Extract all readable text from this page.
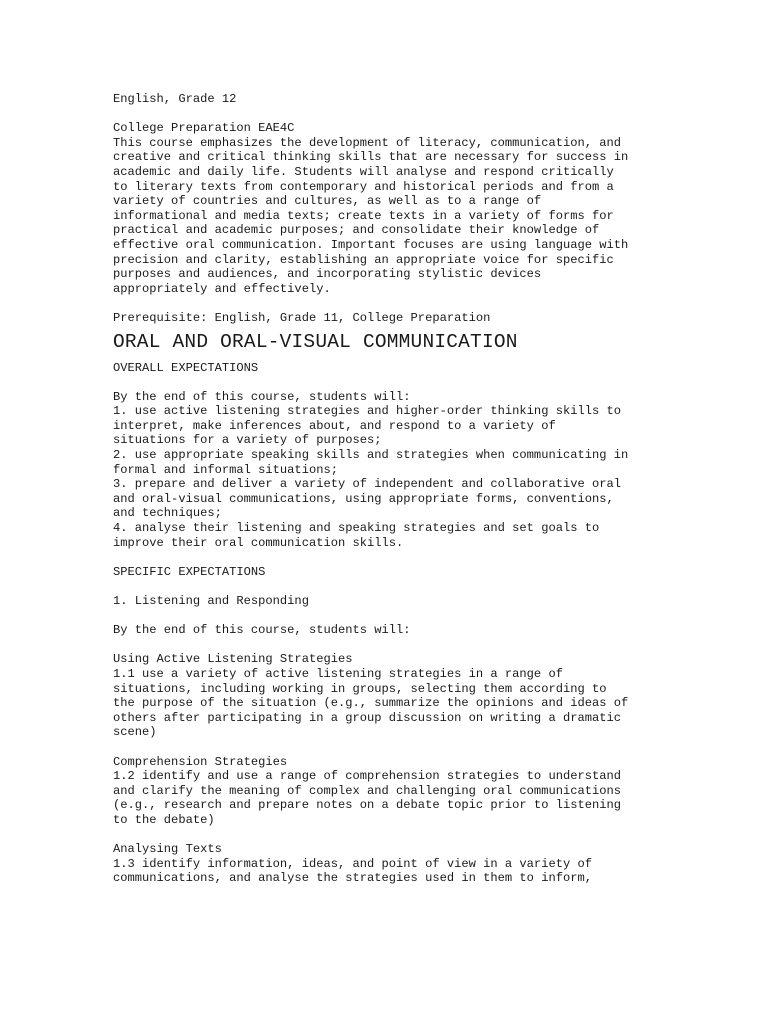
English, Grade 12
College Preparation EAE4C
This course emphasizes the development of literacy, communication, and
creative and critical thinking skills that are necessary for success in
academic and daily life. Students will analyse and respond critically
to literary texts from contemporary and historical periods and from a
variety of countries and cultures, as well as to a range of
informational and media texts; create texts in a variety of forms for
practical and academic purposes; and consolidate their knowledge of
effective oral communication. Important focuses are using language with
precision and clarity, establishing an appropriate voice for specific
purposes and audiences, and incorporating stylistic devices
appropriately and effectively.
Prerequisite: English, Grade 11, College Preparation
ORAL AND ORAL-VISUAL COMMUNICATION
OVERALL EXPECTATIONS
By the end of this course, students will:
1. use active listening strategies and higher-order thinking skills to
interpret, make inferences about, and respond to a variety of
situations for a variety of purposes;
2. use appropriate speaking skills and strategies when communicating in
formal and informal situations;
3. prepare and deliver a variety of independent and collaborative oral
and oral-visual communications, using appropriate forms, conventions,
and techniques;
4. analyse their listening and speaking strategies and set goals to
improve their oral communication skills.
SPECIFIC EXPECTATIONS
1. Listening and Responding
By the end of this course, students will:
Using Active Listening Strategies
1.1 use a variety of active listening strategies in a range of
situations, including working in groups, selecting them according to
the purpose of the situation (e.g., summarize the opinions and ideas of
others after participating in a group discussion on writing a dramatic
scene)
Comprehension Strategies
1.2 identify and use a range of comprehension strategies to understand
and clarify the meaning of complex and challenging oral communications
(e.g., research and prepare notes on a debate topic prior to listening
to the debate)
Analysing Texts
1.3 identify information, ideas, and point of view in a variety of
communications, and analyse the strategies used in them to inform,
